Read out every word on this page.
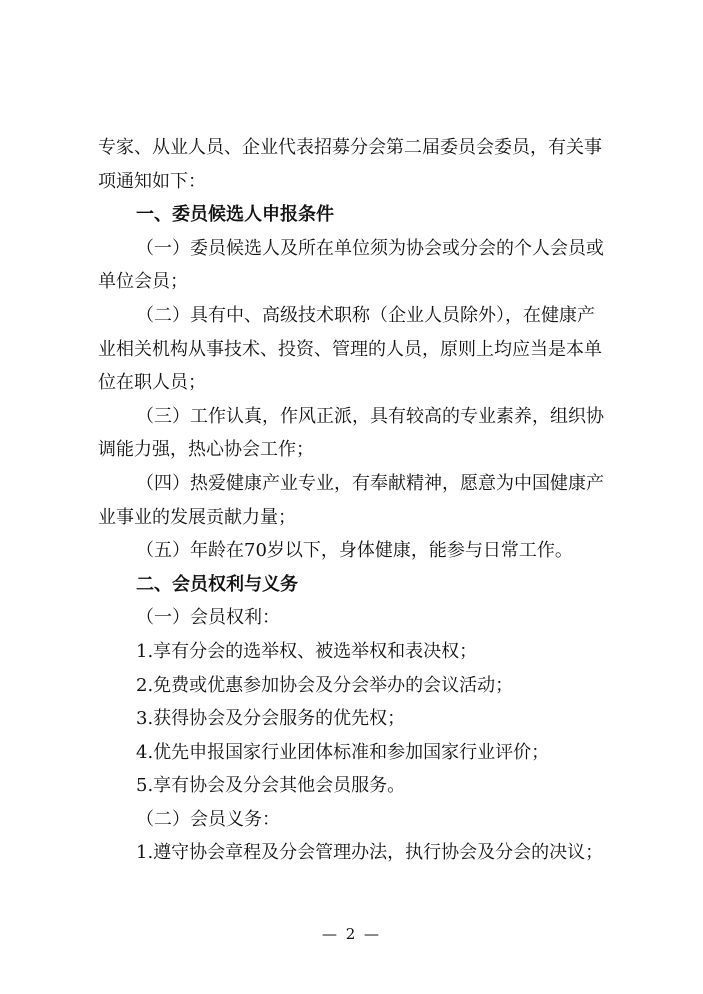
专家、从业人员、企业代表招募分会第二届委员会委员，有关事
项通知如下：
一、委员候选人申报条件
（一）委员候选人及所在单位须为协会或分会的个人会员或
单位会员；
（二）具有中、高级技术职称（企业人员除外），在健康产
业相关机构从事技术、投资、管理的人员，原则上均应当是本单
位在职人员；
（三）工作认真，作风正派，具有较高的专业素养，组织协
调能力强，热心协会工作；
（四）热爱健康产业专业，有奉献精神，愿意为中国健康产
业事业的发展贡献力量；
（五）年龄在70岁以下，身体健康，能参与日常工作。
二、会员权利与义务
（一）会员权利：
1.享有分会的选举权、被选举权和表决权；
2.免费或优惠参加协会及分会举办的会议活动；
3.获得协会及分会服务的优先权；
4.优先申报国家行业团体标准和参加国家行业评价；
5.享有协会及分会其他会员服务。
（二）会员义务：
1.遵守协会章程及分会管理办法，执行协会及分会的决议；
— 2 —
